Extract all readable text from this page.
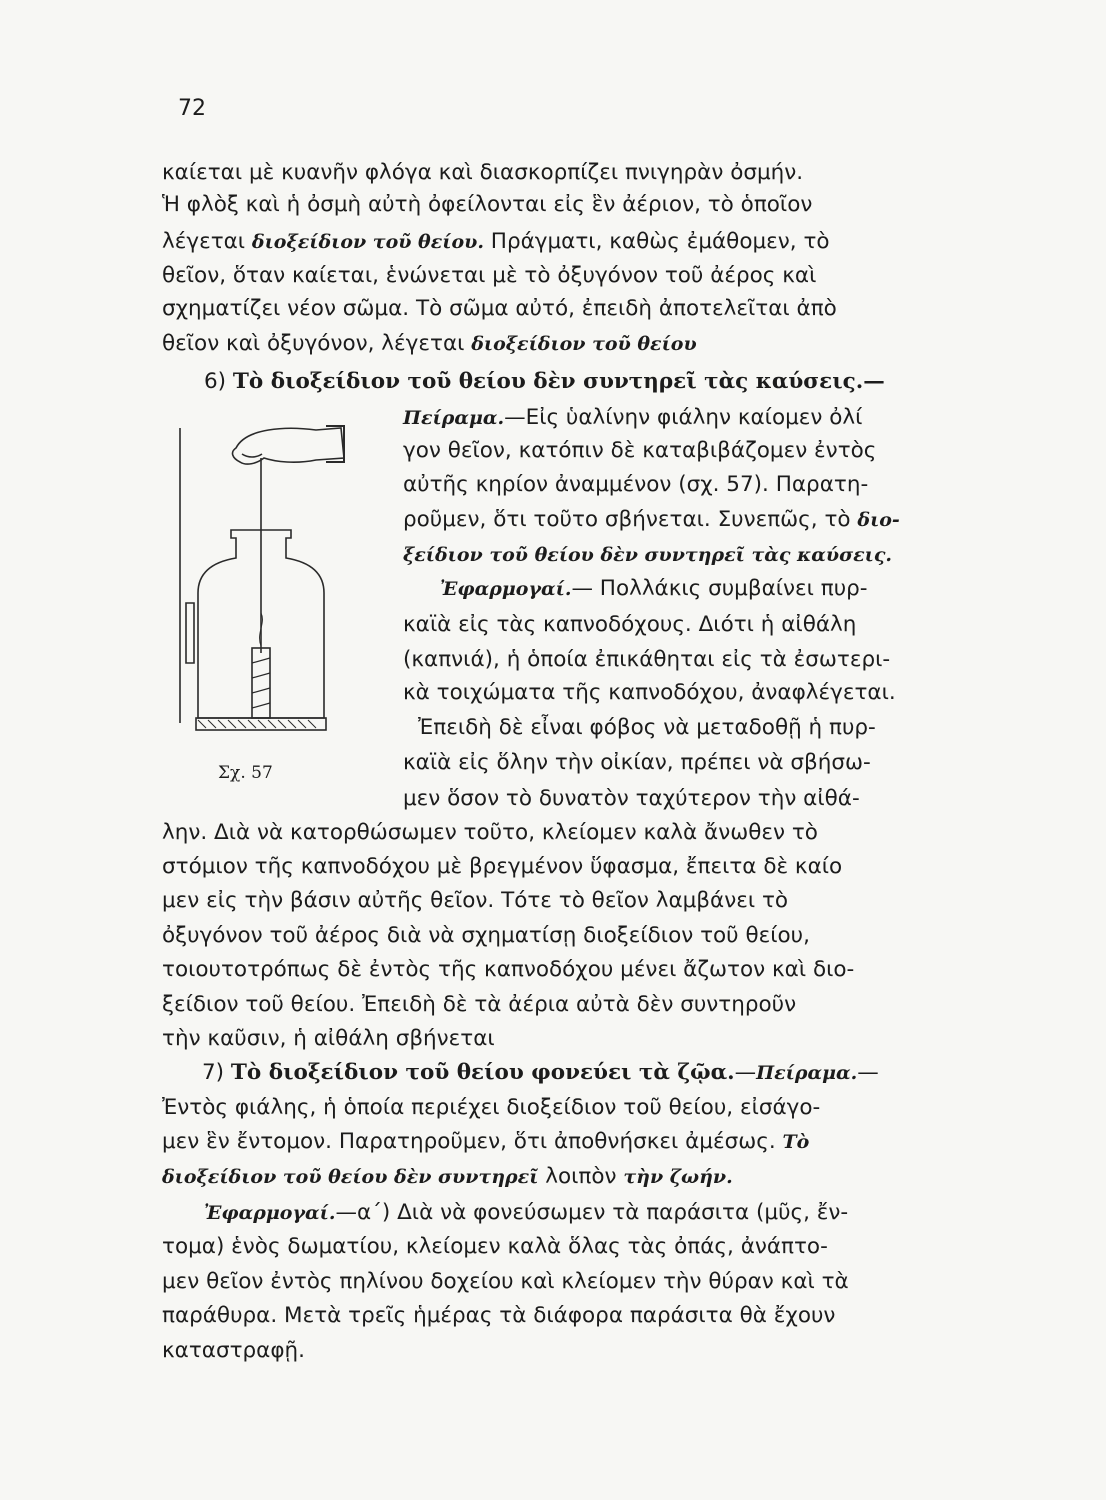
72
καίεται μὲ κυανῆν φλόγα καὶ διασκορπίζει πνιγηρὰν ὀσμήν.
Ἡ φλὸξ καὶ ἡ ὀσμὴ αὐτὴ ὀφείλονται εἰς ἓν ἀέριον, τὸ ὁποῖον
λέγεται διοξείδιον τοῦ θείου. Πράγματι, καθὼς ἐμάθομεν, τὸ
θεῖον, ὅταν καίεται, ἑνώνεται μὲ τὸ ὀξυγόνον τοῦ ἀέρος καὶ
σχηματίζει νέον σῶμα. Τὸ σῶμα αὐτό, ἐπειδὴ ἀποτελεῖται ἀπὸ
θεῖον καὶ ὀξυγόνον, λέγεται διοξείδιον τοῦ θείου
6) Τὸ διοξείδιον τοῦ θείου δὲν συντηρεῖ τὰς καύσεις.—
Πείραμα.—Εἰς ὑαλίνην φιάλην καίομεν ὀλί
γον θεῖον, κατόπιν δὲ καταβιβάζομεν ἐντὸς
αὐτῆς κηρίον ἀναμμένον (σχ. 57). Παρατη-
ροῦμεν, ὅτι τοῦτο σβήνεται. Συνεπῶς, τὸ διο-
ξείδιον τοῦ θείου δὲν συντηρεῖ τὰς καύσεις.
Ἐφαρμογαί.— Πολλάκις συμβαίνει πυρ-
καϊὰ εἰς τὰς καπνοδόχους. Διότι ἡ αἰθάλη
(καπνιά), ἡ ὁποία ἐπικάθηται εἰς τὰ ἐσωτερι-
κὰ τοιχώματα τῆς καπνοδόχου, ἀναφλέγεται.
Ἐπειδὴ δὲ εἶναι φόβος νὰ μεταδοθῇ ἡ πυρ-
καϊὰ εἰς ὅλην τὴν οἰκίαν, πρέπει νὰ σβήσω-
μεν ὅσον τὸ δυνατὸν ταχύτερον τὴν αἰθά-
λην. Διὰ νὰ κατορθώσωμεν τοῦτο, κλείομεν καλὰ ἄνωθεν τὸ
στόμιον τῆς καπνοδόχου μὲ βρεγμένον ὕφασμα, ἔπειτα δὲ καίο
μεν εἰς τὴν βάσιν αὐτῆς θεῖον. Τότε τὸ θεῖον λαμβάνει τὸ
ὀξυγόνον τοῦ ἀέρος διὰ νὰ σχηματίσῃ διοξείδιον τοῦ θείου,
τοιουτοτρόπως δὲ ἐντὸς τῆς καπνοδόχου μένει ἄζωτον καὶ διο-
ξείδιον τοῦ θείου. Ἐπειδὴ δὲ τὰ ἀέρια αὐτὰ δὲν συντηροῦν
τὴν καῦσιν, ἡ αἰθάλη σβήνεται
7) Τὸ διοξείδιον τοῦ θείου φονεύει τὰ ζῷα.—Πείραμα.—
Ἐντὸς φιάλης, ἡ ὁποία περιέχει διοξείδιον τοῦ θείου, εἰσάγο-
μεν ἓν ἔντομον. Παρατηροῦμεν, ὅτι ἀποθνήσκει ἀμέσως. Τὸ
διοξείδιον τοῦ θείου δὲν συντηρεῖ λοιπὸν τὴν ζωήν.
Ἐφαρμογαί.—α΄) Διὰ νὰ φονεύσωμεν τὰ παράσιτα (μῦς, ἔν-
τομα) ἑνὸς δωματίου, κλείομεν καλὰ ὅλας τὰς ὀπάς, ἀνάπτο-
μεν θεῖον ἐντὸς πηλίνου δοχείου καὶ κλείομεν τὴν θύραν καὶ τὰ
παράθυρα. Μετὰ τρεῖς ἡμέρας τὰ διάφορα παράσιτα θὰ ἔχουν
καταστραφῇ.
Σχ. 57
